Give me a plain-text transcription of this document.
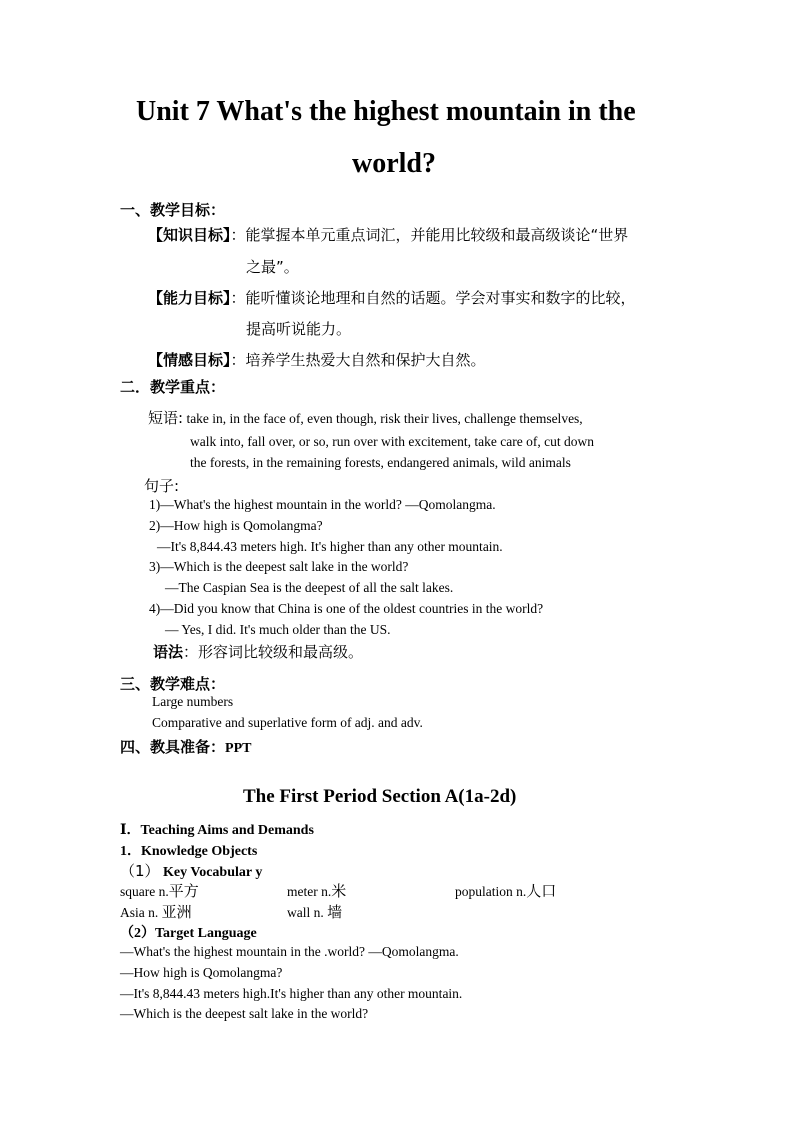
Unit 7 What's the highest mountain in the
world?
一、教学目标：
【知识目标】：能掌握本单元重点词汇，并能用比较级和最高级谈论“世界
之最”。
【能力目标】：能听懂谈论地理和自然的话题。学会对事实和数字的比较，
提高听说能力。
【情感目标】：培养学生热爱大自然和保护大自然。
二．教学重点：
短语: take in, in the face of, even though, risk their lives, challenge themselves,
walk into, fall over, or so, run over with excitement, take care of, cut down
the forests, in the remaining forests, endangered animals, wild animals
句子:
1)—What's the highest mountain in the world? —Qomolangma.
2)—How high is Qomolangma?
—It's 8,844.43 meters high. It's higher than any other mountain.
3)—Which is the deepest salt lake in the world?
—The Caspian Sea is the deepest of all the salt lakes.
4)—Did you know that China is one of the oldest countries in the world?
— Yes, I did. It's much older than the US.
语法：形容词比较级和最高级。
三、教学难点：
Large numbers
Comparative and superlative form of adj. and adv.
四、教具准备：PPT
The First Period Section A(1a-2d)
Ⅰ．Teaching Aims and Demands
1．Knowledge Objects
（1） Key Vocabular y
square n.平方	meter n.米	population n.人口
Asia n. 亚洲	wall n. 墙
（2）Target Language
—What's the highest mountain in the .world? —Qomolangma.
—How high is Qomolangma?
—It's 8,844.43 meters high.It's higher than any other mountain.
—Which is the deepest salt lake in the world?
